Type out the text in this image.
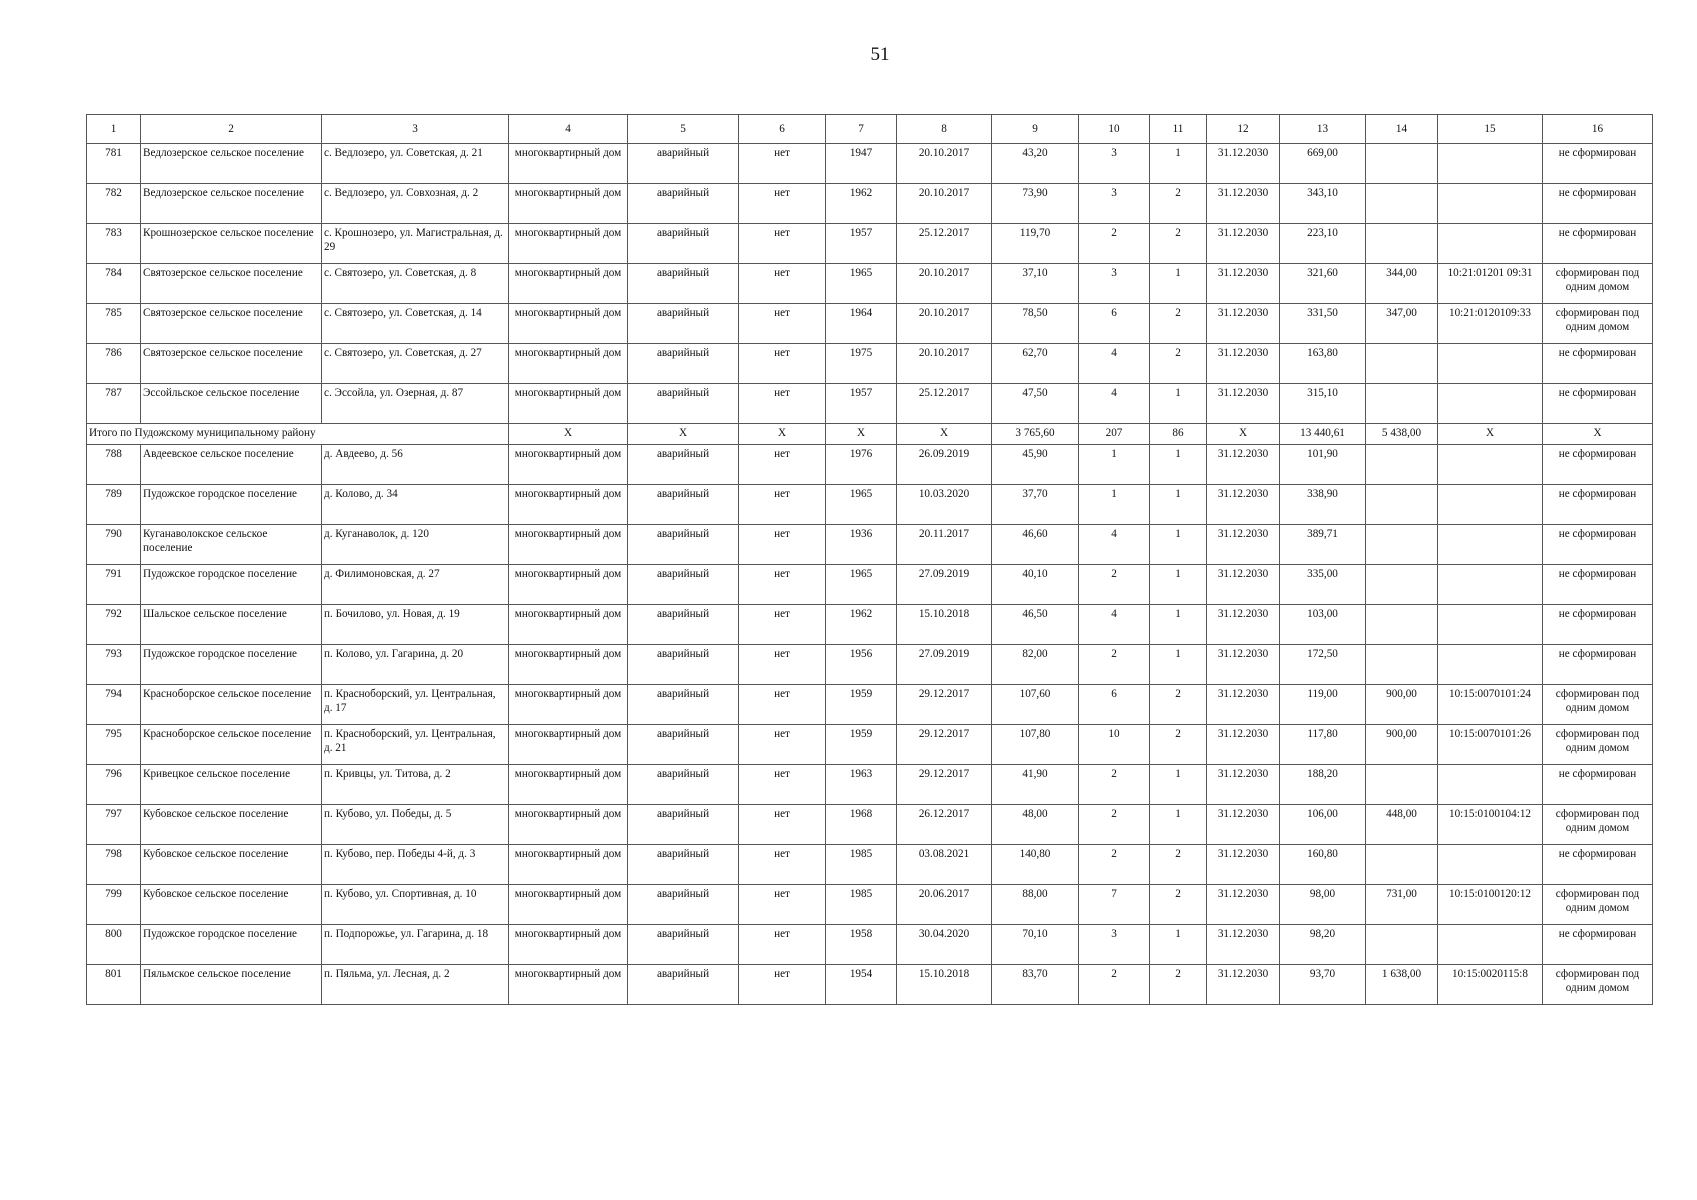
51
1	2	3	4	5	6	7	8	9	10	11	12	13	14	15	16
781	Ведлозерское сельское поселение	с. Ведлозеро, ул. Советская, д. 21	многоквартирный дом	аварийный	нет	1947	20.10.2017	43,20	3	1	31.12.2030	669,00			не сформирован
782	Ведлозерское сельское поселение	с. Ведлозеро, ул. Совхозная, д. 2	многоквартирный дом	аварийный	нет	1962	20.10.2017	73,90	3	2	31.12.2030	343,10			не сформирован
783	Крошнозерское сельское поселение	с. Крошнозеро, ул. Магистральная, д. 29	многоквартирный дом	аварийный	нет	1957	25.12.2017	119,70	2	2	31.12.2030	223,10			не сформирован
784	Святозерское сельское поселение	с. Святозеро, ул. Советская, д. 8	многоквартирный дом	аварийный	нет	1965	20.10.2017	37,10	3	1	31.12.2030	321,60	344,00	10:21:01201 09:31	сформирован под одним домом
785	Святозерское сельское поселение	с. Святозеро, ул. Советская, д. 14	многоквартирный дом	аварийный	нет	1964	20.10.2017	78,50	6	2	31.12.2030	331,50	347,00	10:21:0120109:33	сформирован под одним домом
786	Святозерское сельское поселение	с. Святозеро, ул. Советская, д. 27	многоквартирный дом	аварийный	нет	1975	20.10.2017	62,70	4	2	31.12.2030	163,80			не сформирован
787	Эссойльское сельское поселение	с. Эссойла, ул. Озерная, д. 87	многоквартирный дом	аварийный	нет	1957	25.12.2017	47,50	4	1	31.12.2030	315,10			не сформирован
Итого по Пудожскому муниципальному району			X	X	X	X	X	3 765,60	207	86	X	13 440,61	5 438,00	X	X
788	Авдеевское сельское поселение	д. Авдеево, д. 56	многоквартирный дом	аварийный	нет	1976	26.09.2019	45,90	1	1	31.12.2030	101,90			не сформирован
789	Пудожское городское поселение	д. Колово, д. 34	многоквартирный дом	аварийный	нет	1965	10.03.2020	37,70	1	1	31.12.2030	338,90			не сформирован
790	Куганаволокское сельское поселение	д. Куганаволок, д. 120	многоквартирный дом	аварийный	нет	1936	20.11.2017	46,60	4	1	31.12.2030	389,71			не сформирован
791	Пудожское городское поселение	д. Филимоновская, д. 27	многоквартирный дом	аварийный	нет	1965	27.09.2019	40,10	2	1	31.12.2030	335,00			не сформирован
792	Шальское сельское поселение	п. Бочилово, ул. Новая, д. 19	многоквартирный дом	аварийный	нет	1962	15.10.2018	46,50	4	1	31.12.2030	103,00			не сформирован
793	Пудожское городское поселение	п. Колово, ул. Гагарина, д. 20	многоквартирный дом	аварийный	нет	1956	27.09.2019	82,00	2	1	31.12.2030	172,50			не сформирован
794	Красноборское сельское поселение	п. Красноборский, ул. Центральная, д. 17	многоквартирный дом	аварийный	нет	1959	29.12.2017	107,60	6	2	31.12.2030	119,00	900,00	10:15:0070101:24	сформирован под одним домом
795	Красноборское сельское поселение	п. Красноборский, ул. Центральная, д. 21	многоквартирный дом	аварийный	нет	1959	29.12.2017	107,80	10	2	31.12.2030	117,80	900,00	10:15:0070101:26	сформирован под одним домом
796	Кривецкое сельское поселение	п. Кривцы, ул. Титова, д. 2	многоквартирный дом	аварийный	нет	1963	29.12.2017	41,90	2	1	31.12.2030	188,20			не сформирован
797	Кубовское сельское поселение	п. Кубово, ул. Победы, д. 5	многоквартирный дом	аварийный	нет	1968	26.12.2017	48,00	2	1	31.12.2030	106,00	448,00	10:15:0100104:12	сформирован под одним домом
798	Кубовское сельское поселение	п. Кубово, пер. Победы 4-й, д. 3	многоквартирный дом	аварийный	нет	1985	03.08.2021	140,80	2	2	31.12.2030	160,80			не сформирован
799	Кубовское сельское поселение	п. Кубово, ул. Спортивная, д. 10	многоквартирный дом	аварийный	нет	1985	20.06.2017	88,00	7	2	31.12.2030	98,00	731,00	10:15:0100120:12	сформирован под одним домом
800	Пудожское городское поселение	п. Подпорожье, ул. Гагарина, д. 18	многоквартирный дом	аварийный	нет	1958	30.04.2020	70,10	3	1	31.12.2030	98,20			не сформирован
801	Пяльмское сельское поселение	п. Пяльма, ул. Лесная, д. 2	многоквартирный дом	аварийный	нет	1954	15.10.2018	83,70	2	2	31.12.2030	93,70	1 638,00	10:15:0020115:8	сформирован под одним домом
